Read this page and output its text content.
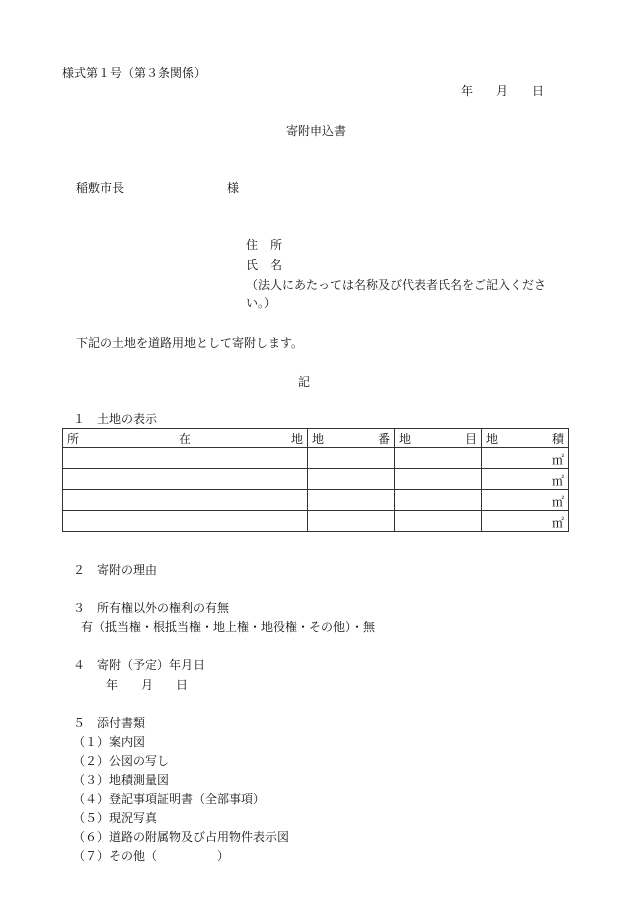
様式第１号（第３条関係）
年 月 日
寄附申込書
稲敷市長	様
住　所
氏　名
（法人にあたっては名称及び代表者氏名をご記入くださ
い。）
下記の土地を道路用地として寄附します。
記
１　土地の表示
所 在 地	地 番	地 目	地 積

			㎡
			㎡
			㎡
			㎡
２　寄附の理由
３　所有権以外の権利の有無
有（抵当権・根抵当権・地上権・地役権・その他）・無
４　寄附（予定）年月日
年 月 日
５　添付書類
（１）案内図
（２）公図の写し
（３）地積測量図
（４）登記事項証明書（全部事項）
（５）現況写真
（６）道路の附属物及び占用物件表示図
（７）その他（　　　　　）
